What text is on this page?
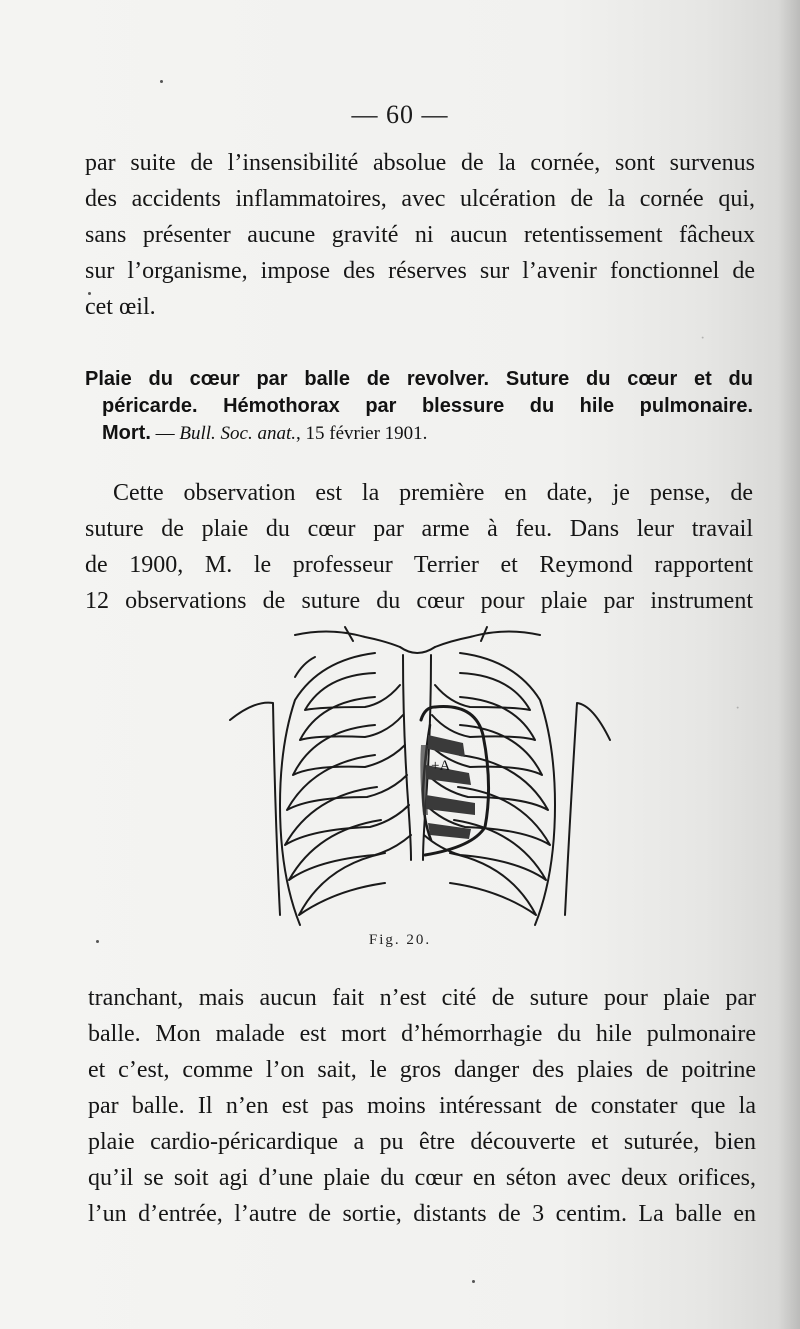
·
·
— 60 —
par suite de l’insensibilité absolue de la cornée, sont survenus
des accidents inflammatoires, avec ulcération de la cornée qui,
sans présenter aucune gravité ni aucun retentissement fâcheux
sur l’organisme, impose des réserves sur l’avenir fonctionnel de
cet œil.
Plaie du cœur par balle de revolver. Suture du cœur et du
péricarde. Hémothorax par blessure du hile pulmonaire.
Mort. — Bull. Soc. anat., 15 février 1901.
Cette observation est la première en date, je pense, de
suture de plaie du cœur par arme à feu. Dans leur travail
de 1900, M. le professeur Terrier et Reymond rapportent
12 observations de suture du cœur pour plaie par instrument
+A
Fig. 20.
tranchant, mais aucun fait n’est cité de suture pour plaie par
balle. Mon malade est mort d’hémorrhagie du hile pulmonaire
et c’est, comme l’on sait, le gros danger des plaies de poitrine
par balle. Il n’en est pas moins intéressant de constater que la
plaie cardio-péricardique a pu être découverte et suturée, bien
qu’il se soit agi d’une plaie du cœur en séton avec deux orifices,
l’un d’entrée, l’autre de sortie, distants de 3 centim. La balle en
